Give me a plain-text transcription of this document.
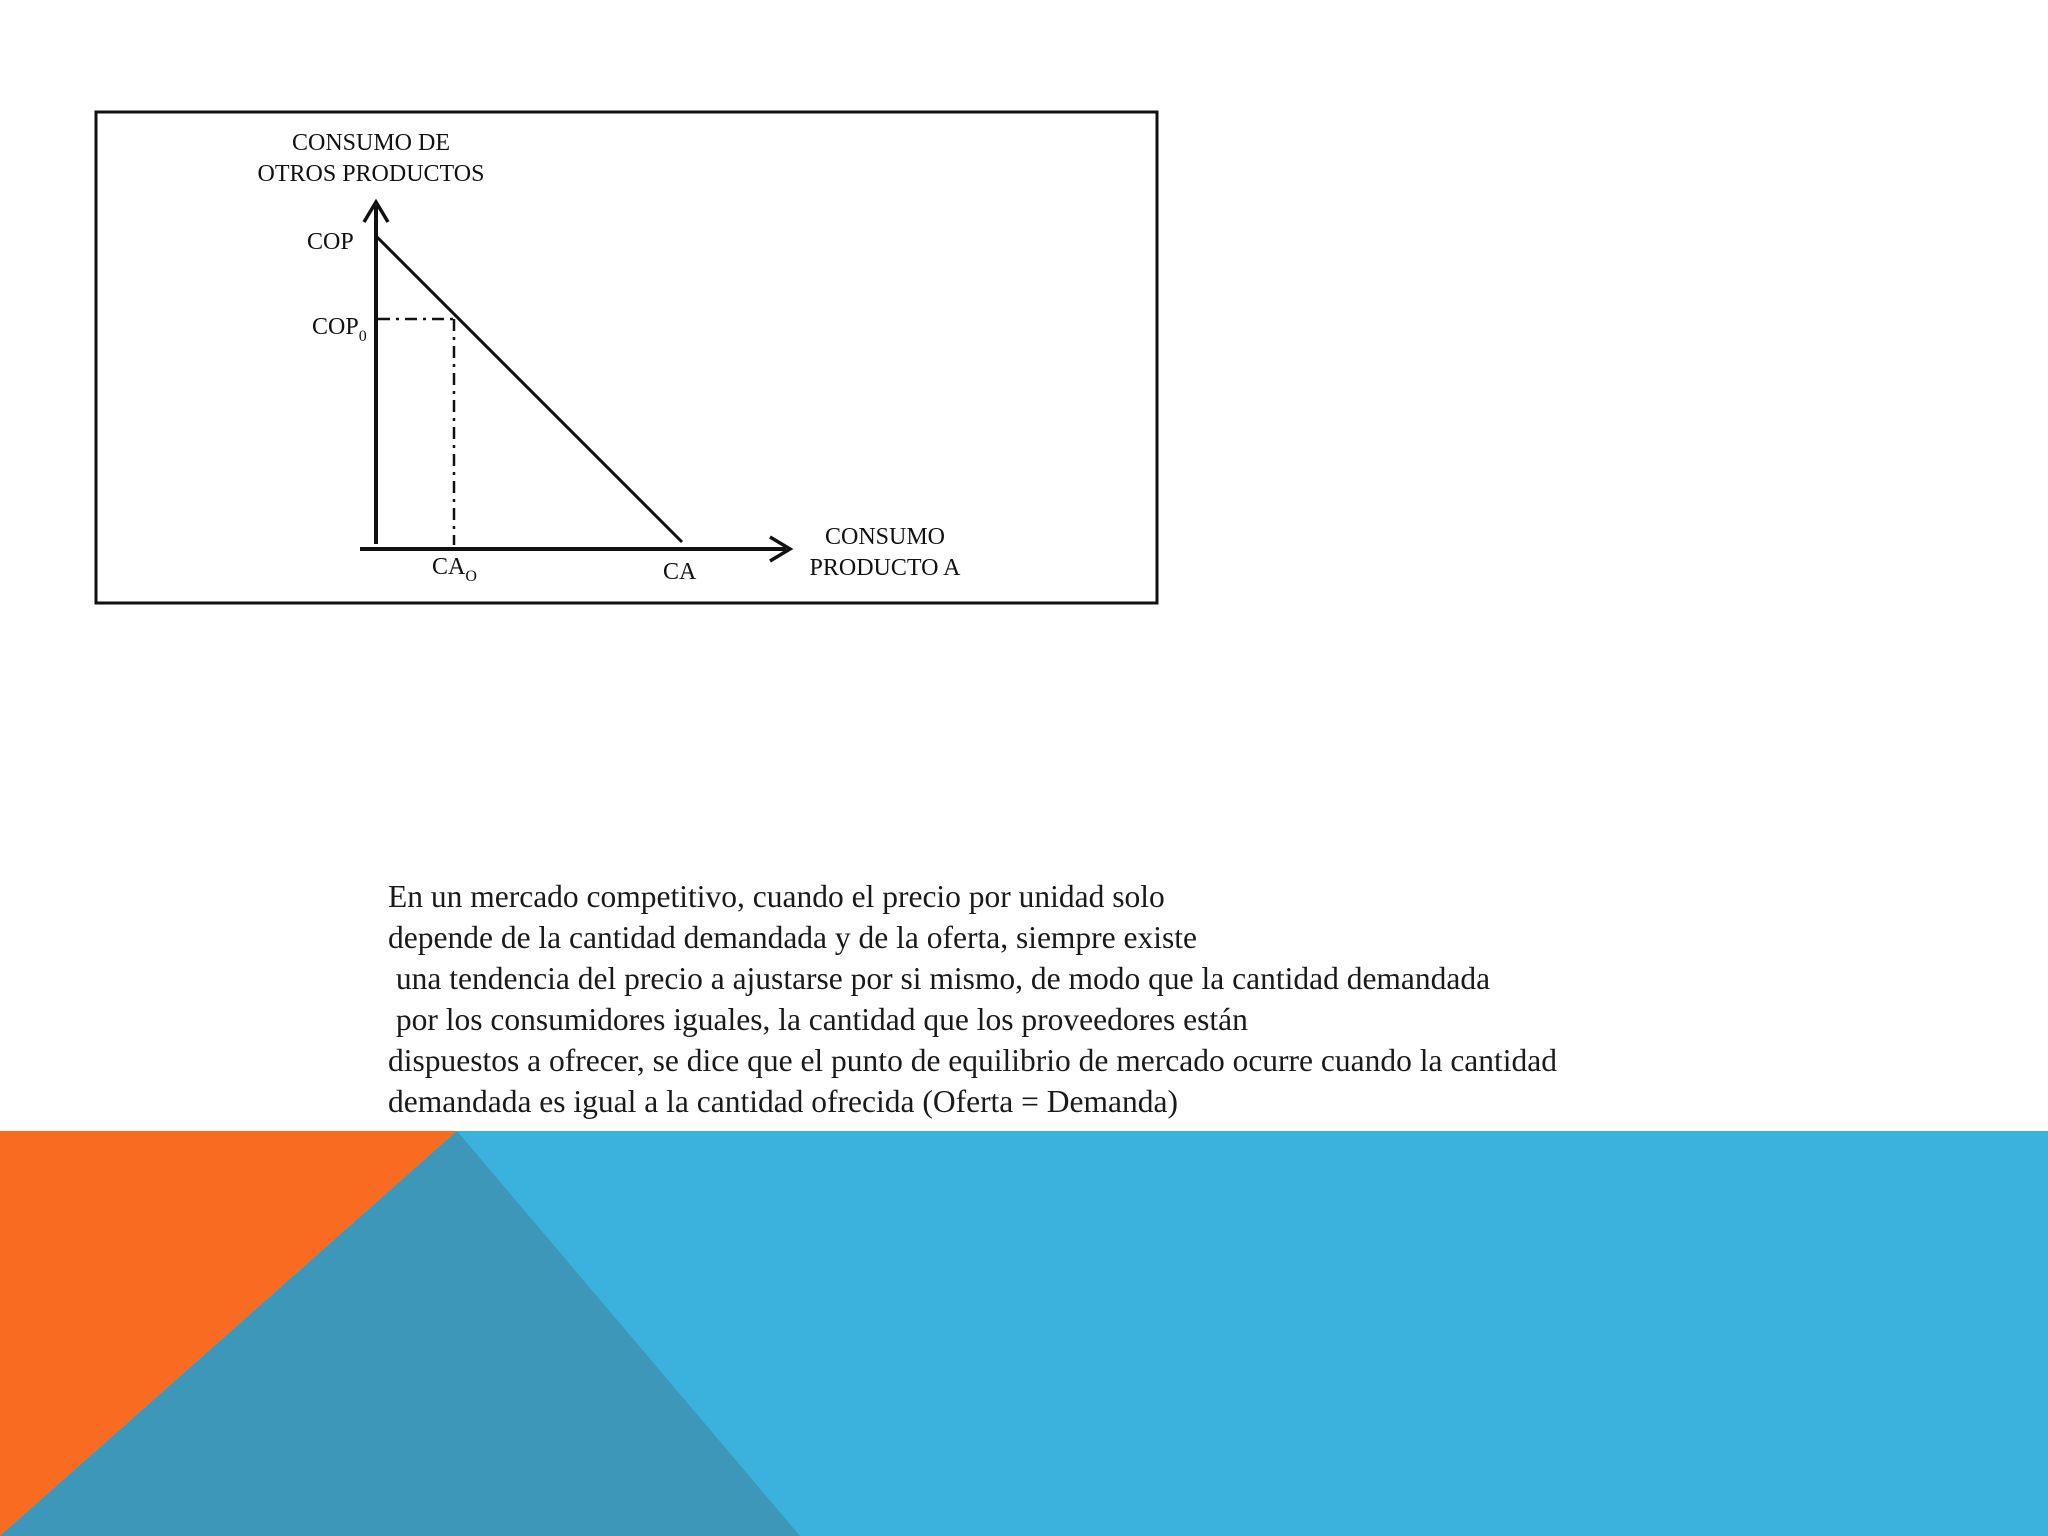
CONSUMO DE
OTROS PRODUCTOS
COP
$COP_0$
$CA_O$	CA
CONSUMO
PRODUCTO A
En un mercado competitivo, cuando el precio por unidad solo
depende de la cantidad demandada y de la oferta, siempre existe
una tendencia del precio a ajustarse por si mismo, de modo que la cantidad demandada
por los consumidores iguales, la cantidad que los proveedores están
dispuestos a ofrecer, se dice que el punto de equilibrio de mercado ocurre cuando la cantidad
demandada es igual a la cantidad ofrecida (Oferta = Demanda)
